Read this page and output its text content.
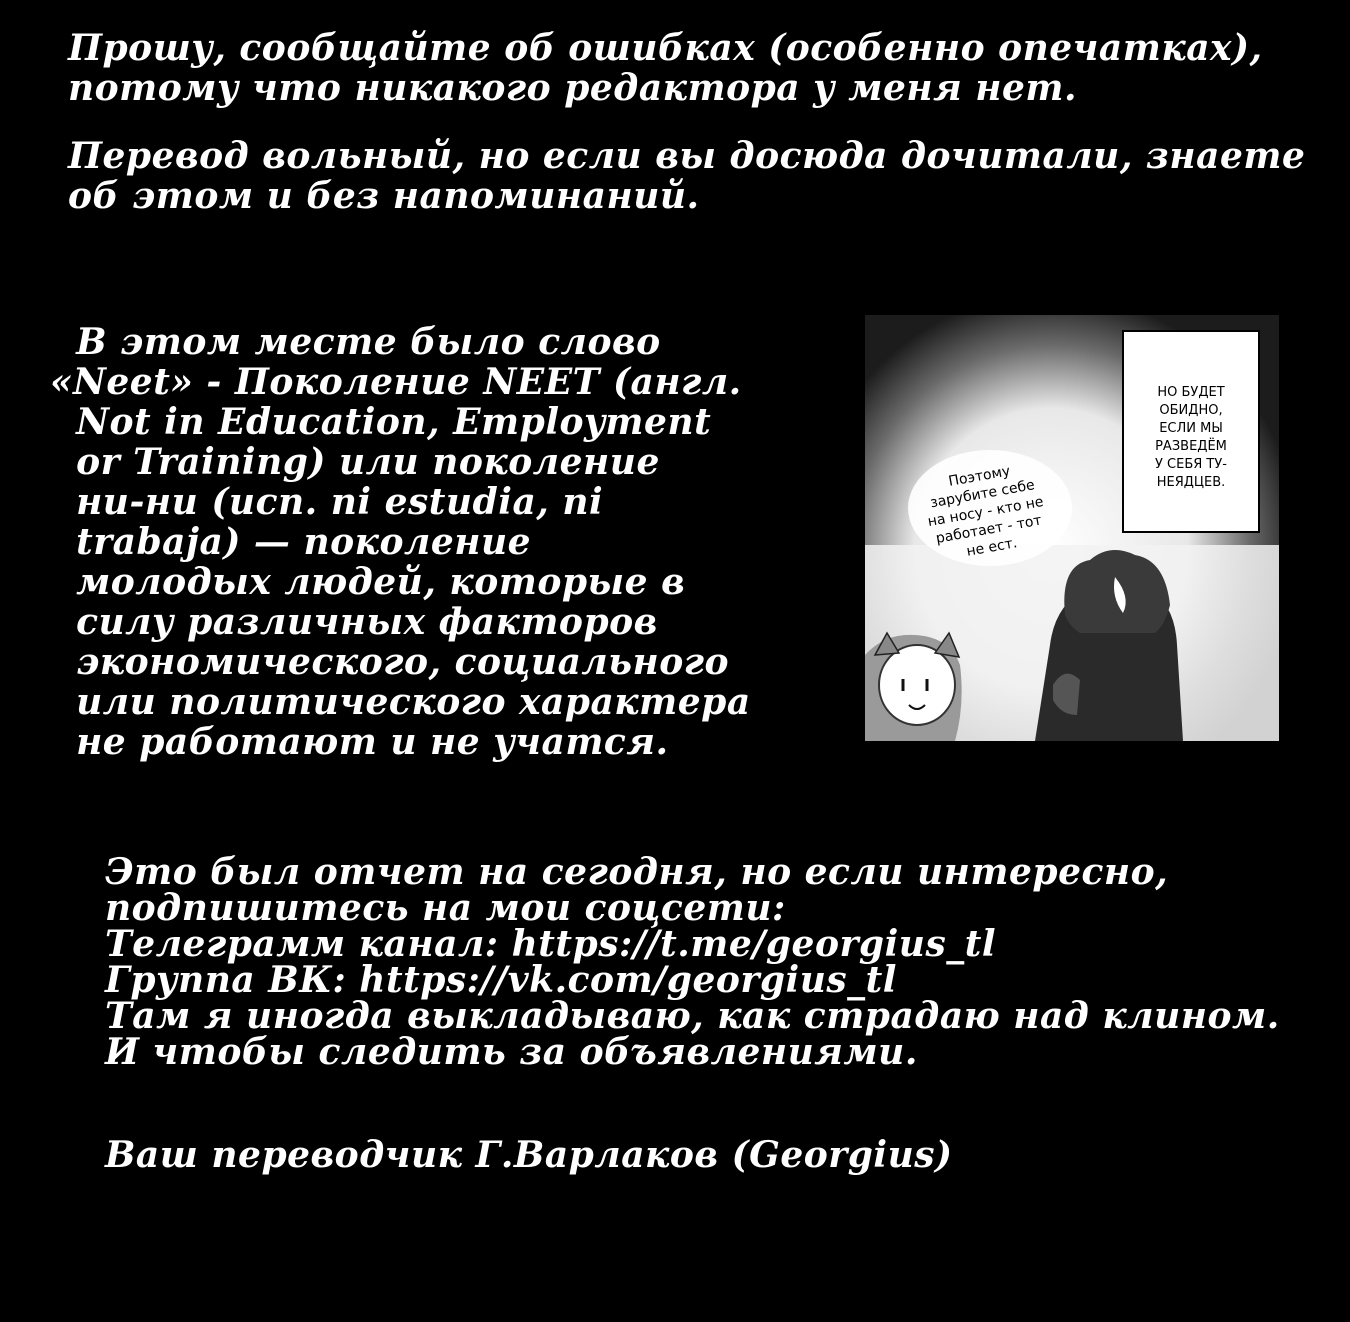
Прошу, сообщайте об ошибках (особенно опечатках),
потому что никакого редактора у меня нет.

Перевод вольный, но если вы досюда дочитали, знаете
об этом и без напоминаний.

В этом месте было слово
«Neet» - Поколение NEET (англ.
Not in Education, Employment
or Training) или поколение
ни-ни (исп. ni estudia, ni
trabaja) — поколение
молодых людей, которые в
силу различных факторов
экономического, социального
или политического характера
не работают и не учатся.

НО БУДЕТ
ОБИДНО,
ЕСЛИ МЫ
РАЗВЕДЁМ
У СЕБЯ ТУ-
НЕЯДЦЕВ.
Поэтому
зарубите себе
на носу - кто не
работает - тот
не ест.

Это был отчет на сегодня, но если интересно,
подпишитесь на мои соцсети:
Телеграмм канал: https://t.me/georgius_tl
Группа ВК: https://vk.com/georgius_tl
Там я иногда выкладываю, как страдаю над клином.
И чтобы следить за объявлениями.

Ваш переводчик Г.Варлаков (Georgius)
